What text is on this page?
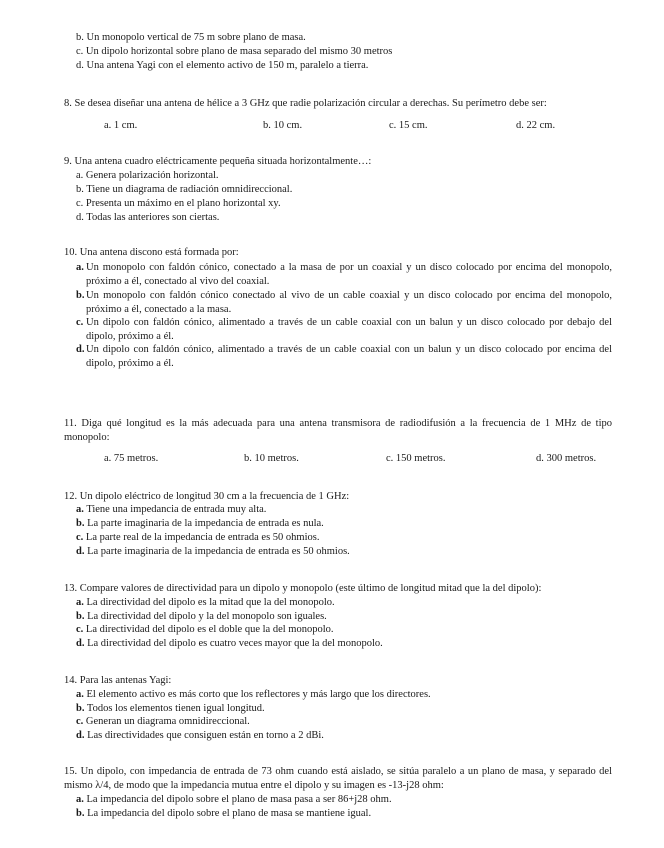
b. Un monopolo vertical de 75 m sobre plano de masa.
c. Un dipolo horizontal sobre plano de masa separado del mismo 30 metros
d. Una antena Yagi con el elemento activo de 150 m, paralelo a tierra.
8. Se desea diseñar una antena de hélice a 3 GHz que radie polarización circular a derechas. Su perímetro debe ser:
a. 1 cm.	b. 10 cm.	c. 15 cm.	d. 22 cm.
9. Una antena cuadro eléctricamente pequeña situada horizontalmente…:
a. Genera polarización horizontal.
b. Tiene un diagrama de radiación omnidireccional.
c. Presenta un máximo en el plano horizontal xy.
d. Todas las anteriores son ciertas.
10. Una antena discono está formada por:
a. Un monopolo con faldón cónico, conectado a la masa de por un coaxial y un disco colocado por encima del monopolo, próximo a él, conectado al vivo del coaxial.
b. Un monopolo con faldón cónico conectado al vivo de un cable coaxial y un disco colocado por encima del monopolo, próximo a él, conectado a la masa.
c. Un dipolo con faldón cónico, alimentado a través de un cable coaxial con un balun y un disco colocado por debajo del dipolo, próximo a él.
d. Un dipolo con faldón cónico, alimentado a través de un cable coaxial con un balun y un disco colocado por encima del dipolo, próximo a él.
11. Diga qué longitud es la más adecuada para una antena transmisora de radiodifusión a la frecuencia de 1 MHz de tipo monopolo:
a. 75 metros.	b. 10 metros.	c. 150 metros.	d. 300 metros.
12. Un dipolo eléctrico de longitud 30 cm a la frecuencia de 1 GHz:
a. Tiene una impedancia de entrada muy alta.
b. La parte imaginaria de la impedancia de entrada es nula.
c. La parte real de la impedancia de entrada es 50 ohmios.
d. La parte imaginaria de la impedancia de entrada es 50 ohmios.
13. Compare valores de directividad para un dipolo y monopolo (este último de longitud mitad que la del dipolo):
a. La directividad del dipolo es la mitad que la del monopolo.
b. La directividad del dipolo y la del monopolo son iguales.
c. La directividad del dipolo es el doble que la del monopolo.
d. La directividad del dipolo es cuatro veces mayor que la del monopolo.
14. Para las antenas Yagi:
a. El elemento activo es más corto que los reflectores y más largo que los directores.
b. Todos los elementos tienen igual longitud.
c. Generan un diagrama omnidireccional.
d. Las directividades que consiguen están en torno a 2 dBi.
15. Un dipolo, con impedancia de entrada de 73 ohm cuando está aislado, se sitúa paralelo a un plano de masa, y separado del mismo λ/4, de modo que la impedancia mutua entre el dipolo y su imagen es -13-j28 ohm:
a. La impedancia del dipolo sobre el plano de masa pasa a ser 86+j28 ohm.
b. La impedancia del dipolo sobre el plano de masa se mantiene igual.
